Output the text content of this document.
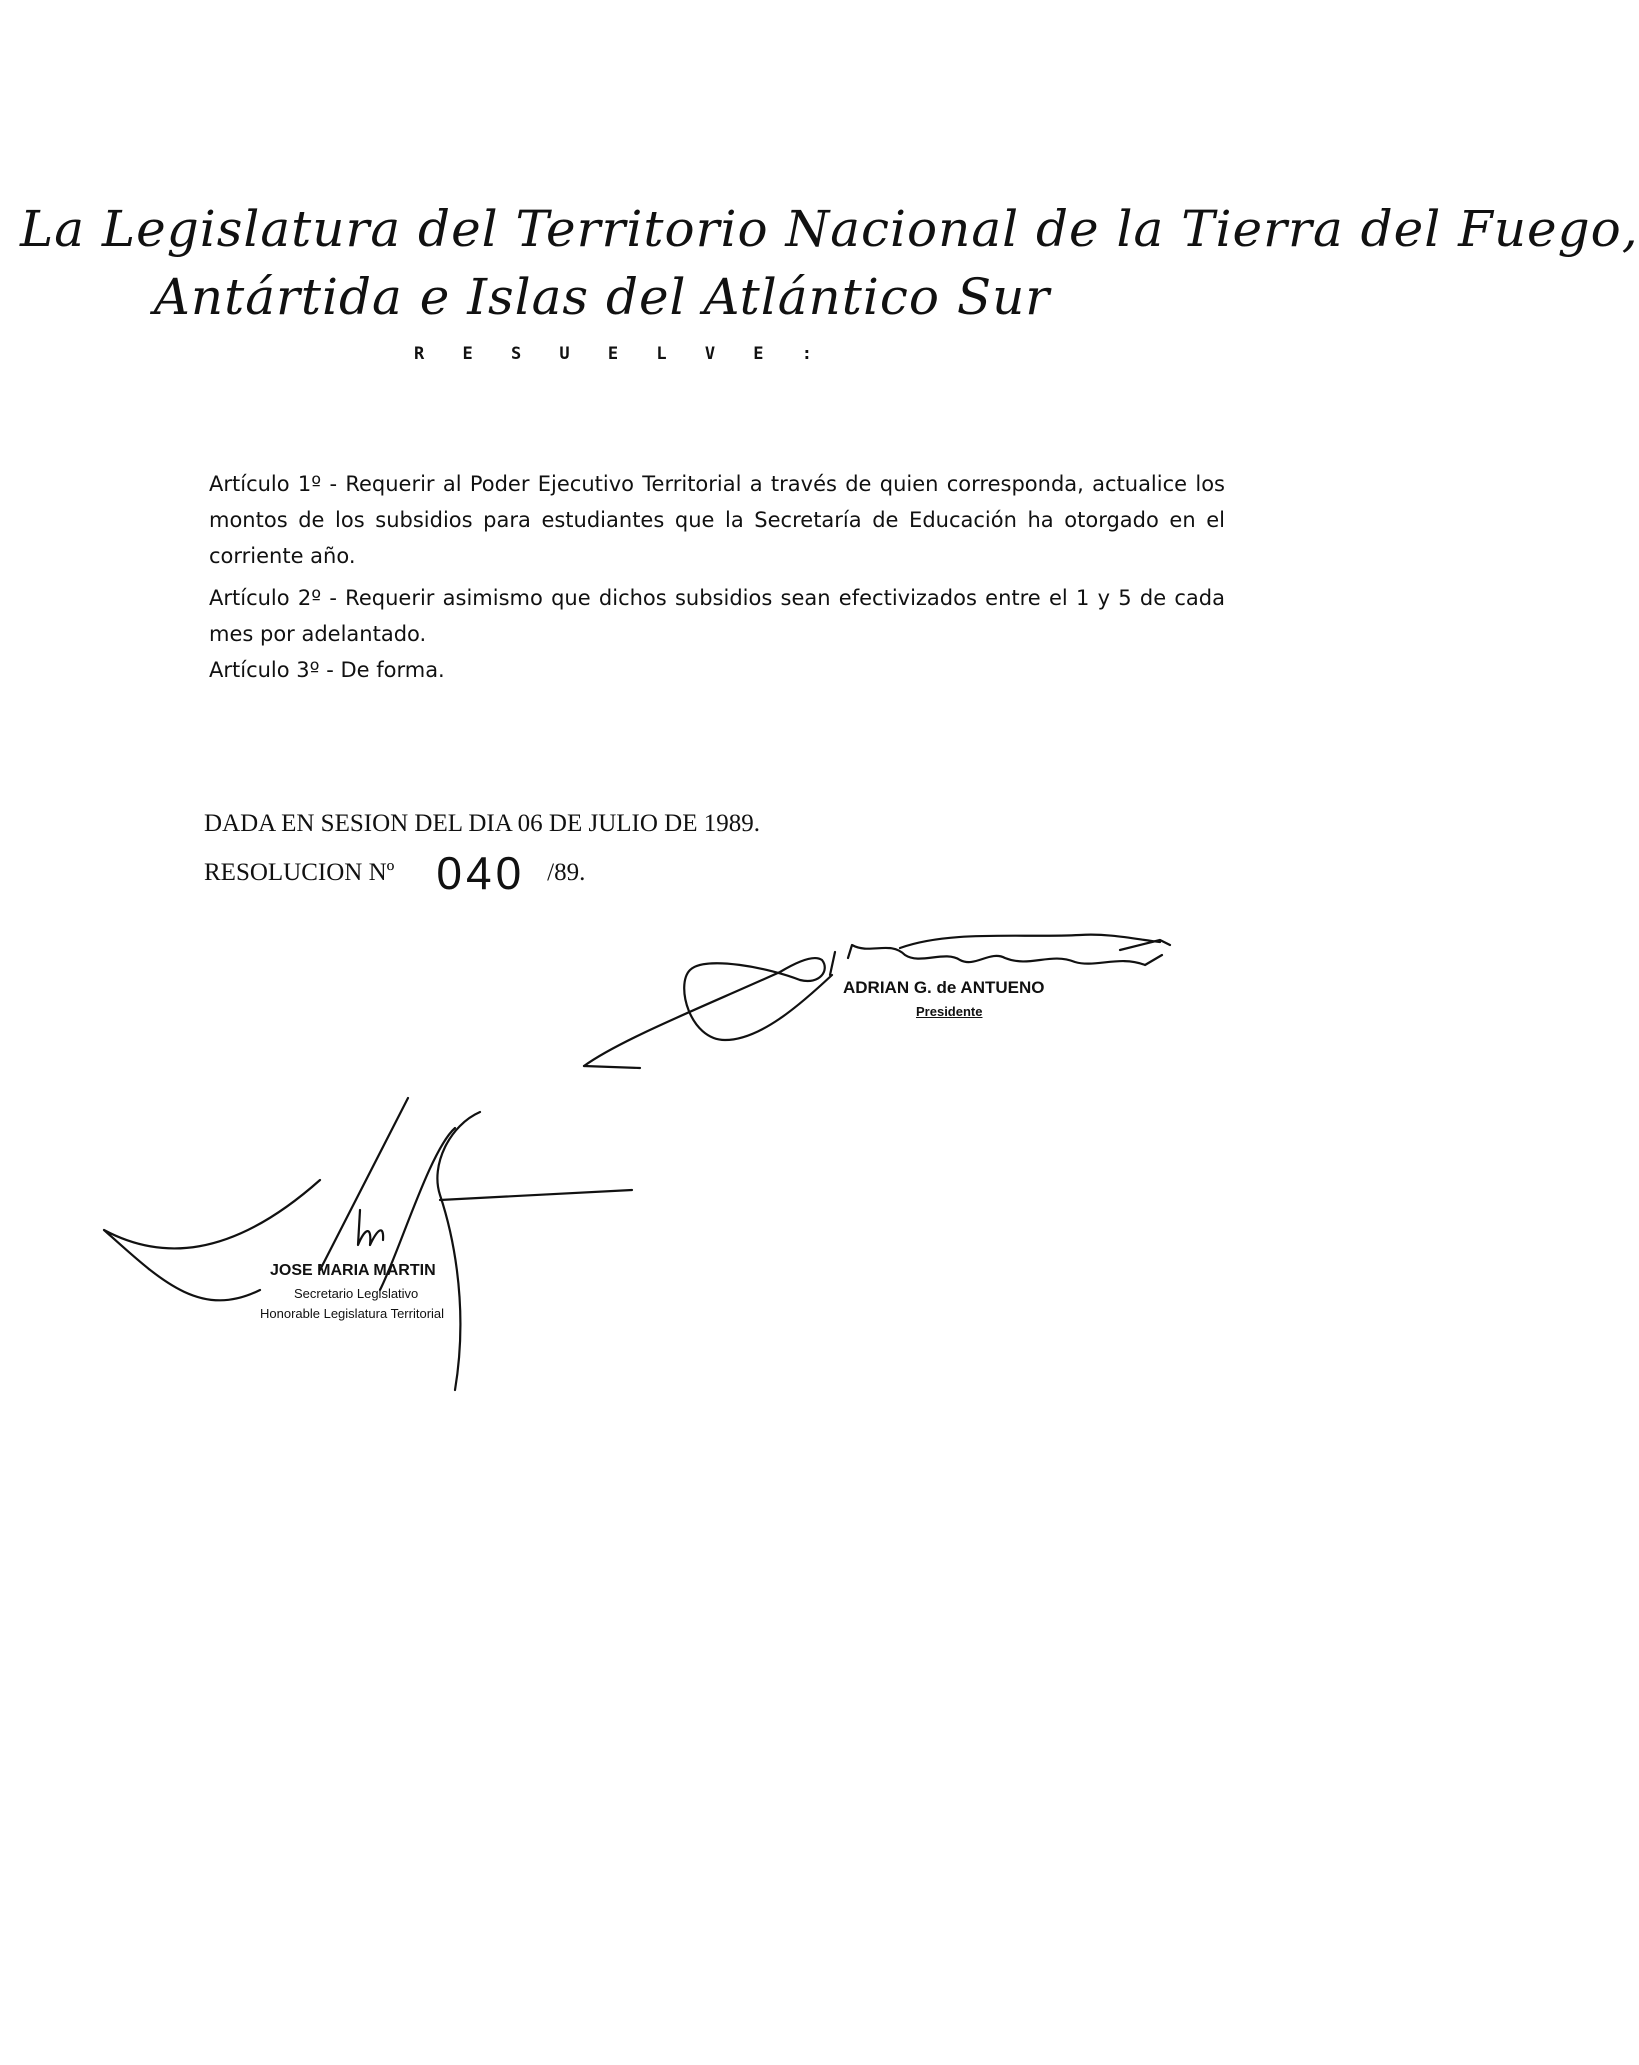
La Legislatura del Territorio Nacional de la Tierra del Fuego,
Antártida e Islas del Atlántico Sur
R E S U E L V E :

Artículo 1º - Requerir al Poder Ejecutivo Territorial a través de quien corresponda, actualice los montos de los subsidios para estudiantes que la Secretaría de Educación ha otorgado en el corriente año.

Artículo 2º - Requerir asimismo que dichos subsidios sean efectivizados entre el 1 y 5 de cada mes por adelantado.

Artículo 3º - De forma.

DADA EN SESION DEL DIA 06 DE JULIO DE 1989.
RESOLUCION Nº 040 /89.
ADRIAN G. de ANTUENO
Presidente
JOSE MARIA MARTIN
Secretario Legislativo
Honorable Legislatura Territorial
